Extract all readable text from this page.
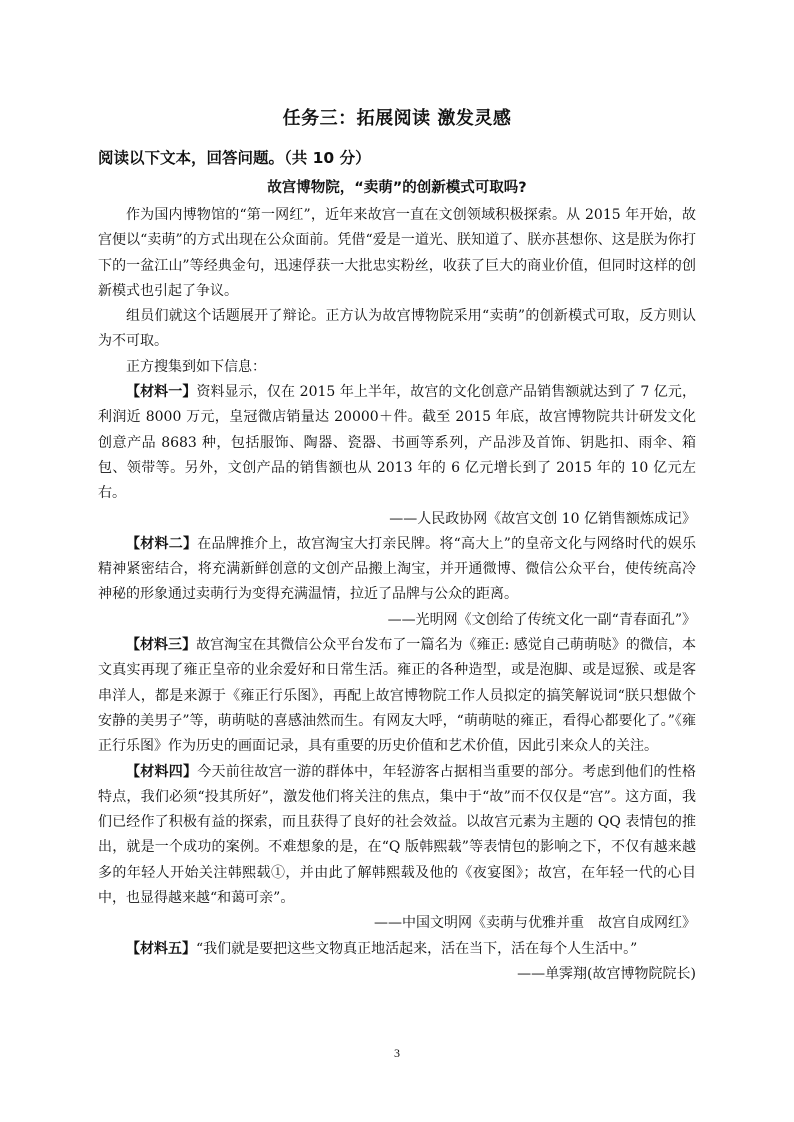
任务三：拓展阅读 激发灵感
阅读以下文本，回答问题。（共 10 分）
故宫博物院，“卖萌”的创新模式可取吗?

作为国内博物馆的“第一网红”，近年来故宫一直在文创领域积极探索。从 2015 年开始，故宫便以“卖萌”的方式出现在公众面前。凭借“爱是一道光、朕知道了、朕亦甚想你、这是朕为你打下的一盆江山”等经典金句，迅速俘获一大批忠实粉丝，收获了巨大的商业价值，但同时这样的创新模式也引起了争议。

组员们就这个话题展开了辩论。正方认为故宫博物院采用“卖萌”的创新模式可取，反方则认为不可取。

正方搜集到如下信息：

【材料一】资料显示，仅在 2015 年上半年，故宫的文化创意产品销售额就达到了 7 亿元，利润近 8000 万元，皇冠微店销量达 20000＋件。截至 2015 年底，故宫博物院共计研发文化创意产品 8683 种，包括服饰、陶器、瓷器、书画等系列，产品涉及首饰、钥匙扣、雨伞、箱包、领带等。另外，文创产品的销售额也从 2013 年的 6 亿元增长到了 2015 年的 10 亿元左右。

——人民政协网《故宫文创 10 亿销售额炼成记》

【材料二】在品牌推介上，故宫淘宝大打亲民牌。将“高大上”的皇帝文化与网络时代的娱乐精神紧密结合，将充满新鲜创意的文创产品搬上淘宝，并开通微博、微信公众平台，使传统高冷神秘的形象通过卖萌行为变得充满温情，拉近了品牌与公众的距离。

——光明网《文创给了传统文化一副“青春面孔”》

【材料三】故宫淘宝在其微信公众平台发布了一篇名为《雍正: 感觉自己萌萌哒》的微信，本文真实再现了雍正皇帝的业余爱好和日常生活。雍正的各种造型，或是泡脚、或是逗猴、或是客串洋人，都是来源于《雍正行乐图》，再配上故宫博物院工作人员拟定的搞笑解说词“朕只想做个安静的美男子”等，萌萌哒的喜感油然而生。有网友大呼，“萌萌哒的雍正，看得心都要化了。”《雍正行乐图》作为历史的画面记录，具有重要的历史价值和艺术价值，因此引来众人的关注。

【材料四】今天前往故宫一游的群体中，年轻游客占据相当重要的部分。考虑到他们的性格特点，我们必须“投其所好”，激发他们将关注的焦点，集中于“故”而不仅仅是“宫”。这方面，我们已经作了积极有益的探索，而且获得了良好的社会效益。以故宫元素为主题的 QQ 表情包的推出，就是一个成功的案例。不难想象的是，在“Q 版韩熙载”等表情包的影响之下，不仅有越来越多的年轻人开始关注韩熙载①，并由此了解韩熙载及他的《夜宴图》；故宫，在年轻一代的心目中，也显得越来越“和蔼可亲”。

——中国文明网《卖萌与优雅并重　故宫自成网红》

【材料五】“我们就是要把这些文物真正地活起来，活在当下，活在每个人生活中。”

——单霁翔(故宫博物院院长)

3
